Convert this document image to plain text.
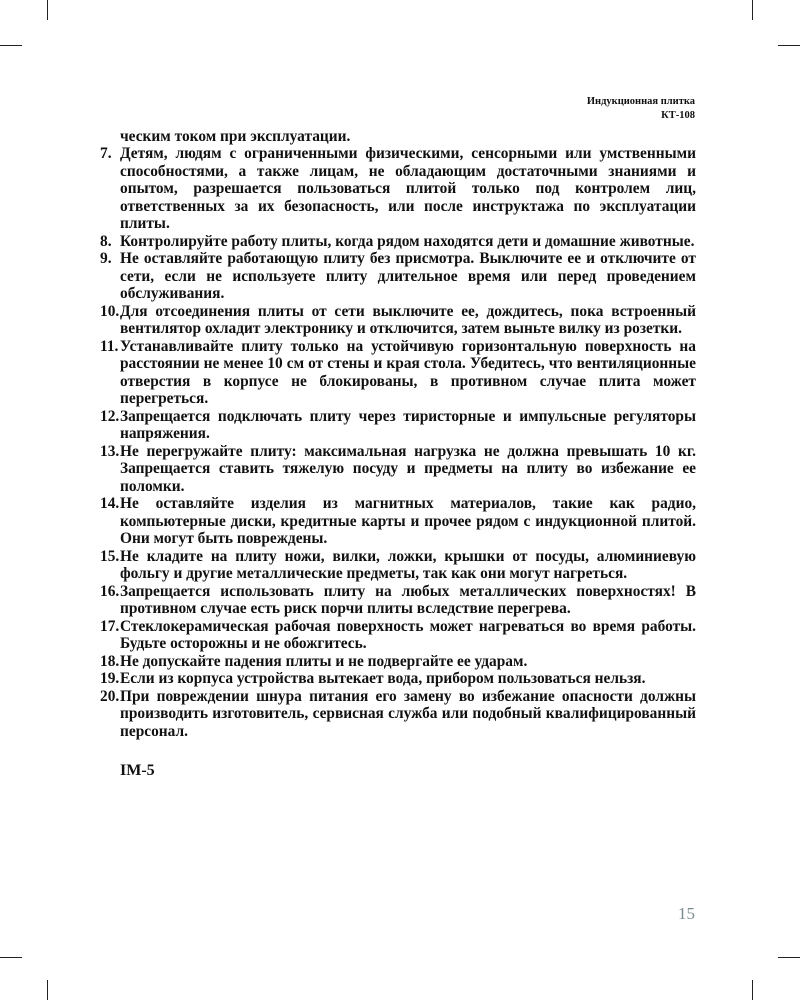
Индукционная плитка
КТ-108
ческим током при эксплуатации.
7. Детям, людям с ограниченными физическими, сенсорными или умственными способностями, а также лицам, не обладающим достаточными знаниями и опытом, разрешается пользоваться плитой только под контролем лиц, ответственных за их безопасность, или после инструктажа по эксплуатации плиты.
8. Контролируйте работу плиты, когда рядом находятся дети и домашние животные.
9. Не оставляйте работающую плиту без присмотра. Выключите ее и отключите от сети, если не используете плиту длительное время или перед проведением обслуживания.
10. Для отсоединения плиты от сети выключите ее, дождитесь, пока встроенный вентилятор охладит электронику и отключится, затем выньте вилку из розетки.
11. Устанавливайте плиту только на устойчивую горизонтальную поверхность на расстоянии не менее 10 см от стены и края стола. Убедитесь, что вентиляционные отверстия в корпусе не блокированы, в противном случае плита может перегреться.
12. Запрещается подключать плиту через тиристорные и импульсные регуляторы напряжения.
13. Не перегружайте плиту: максимальная нагрузка не должна превышать 10 кг. Запрещается ставить тяжелую посуду и предметы на плиту во избежание ее поломки.
14. Не оставляйте изделия из магнитных материалов, такие как радио, компьютерные диски, кредитные карты и прочее рядом с индукционной плитой. Они могут быть повреждены.
15. Не кладите на плиту ножи, вилки, ложки, крышки от посуды, алюминиевую фольгу и другие металлические предметы, так как они могут нагреться.
16. Запрещается использовать плиту на любых металлических поверхностях! В противном случае есть риск порчи плиты вследствие перегрева.
17. Стеклокерамическая рабочая поверхность может нагреваться во время работы. Будьте осторожны и не обожгитесь.
18. Не допускайте падения плиты и не подвергайте ее ударам.
19. Если из корпуса устройства вытекает вода, прибором пользоваться нельзя.
20. При повреждении шнура питания его замену во избежание опасности должны производить изготовитель, сервисная служба или подобный квалифицированный персонал.
IM-5
15
